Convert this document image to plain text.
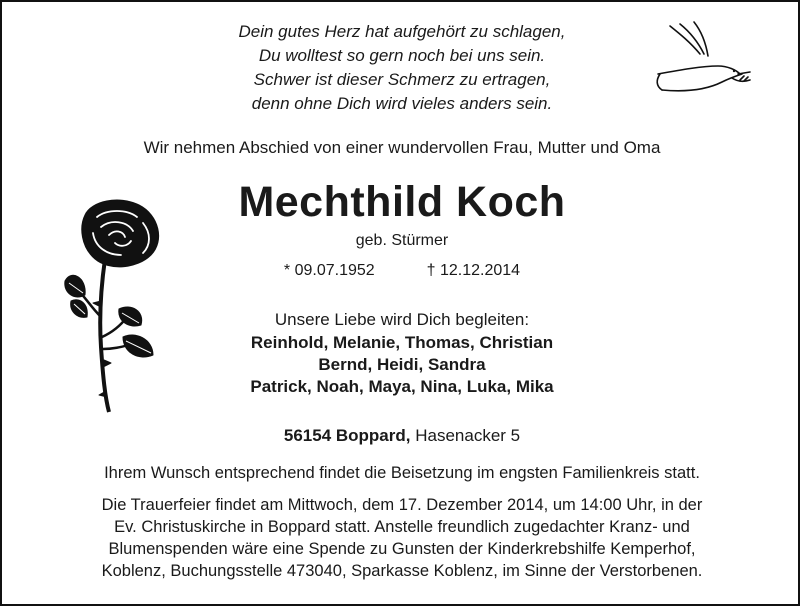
Dein gutes Herz hat aufgehört zu schlagen,
Du wolltest so gern noch bei uns sein.
Schwer ist dieser Schmerz zu ertragen,
denn ohne Dich wird vieles anders sein.
Wir nehmen Abschied von einer wundervollen Frau, Mutter und Oma
Mechthild Koch
geb. Stürmer
* 09.07.1952	† 12.12.2014
Unsere Liebe wird Dich begleiten:
Reinhold, Melanie, Thomas, Christian
Bernd, Heidi, Sandra
Patrick, Noah, Maya, Nina, Luka, Mika
56154 Boppard, Hasenacker 5
Ihrem Wunsch entsprechend findet die Beisetzung im engsten Familienkreis statt.
Die Trauerfeier findet am Mittwoch, dem 17. Dezember 2014, um 14:00 Uhr, in der
Ev. Christuskirche in Boppard statt. Anstelle freundlich zugedachter Kranz- und
Blumenspenden wäre eine Spende zu Gunsten der Kinderkrebshilfe Kemperhof,
Koblenz, Buchungsstelle 473040, Sparkasse Koblenz, im Sinne der Verstorbenen.
